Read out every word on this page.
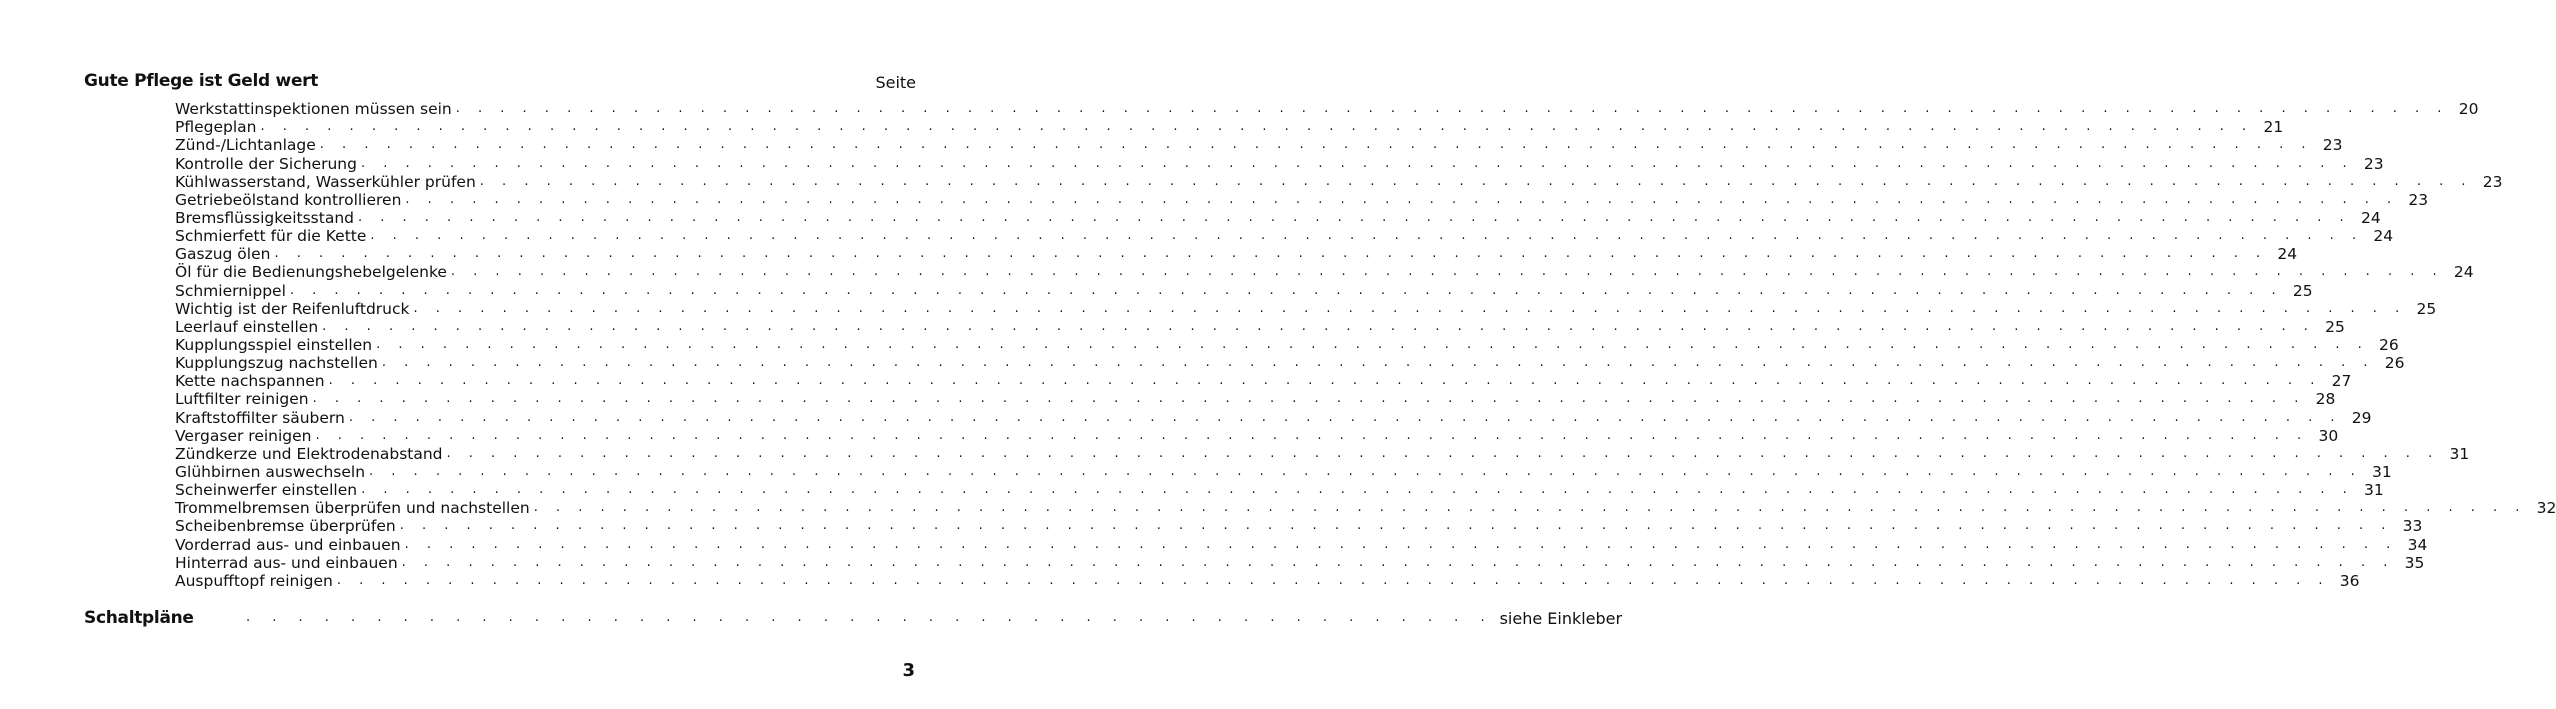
Gute Pflege ist Geld wert	Seite
Werkstattinspektionen müssen sein . . . . . . . . . . . . . . . . . . . . . . . . . . . . . . . . . . . . . . . . . . . . . . . . . . . . . . . . . . . . . . . . . . . . . . . . . . . . . . . . . . . . . . . . . . 20
Pflegeplan . . . . . . . . . . . . . . . . . . . . . . . . . . . . . . . . . . . . . . . . . . . . . . . . . . . . . . . . . . . . . . . . . . . . . . . . . . . . . . . . . . . . . . . . . . 21
Zünd-/Lichtanlage . . . . . . . . . . . . . . . . . . . . . . . . . . . . . . . . . . . . . . . . . . . . . . . . . . . . . . . . . . . . . . . . . . . . . . . . . . . . . . . . . . . . . . . . . . 23
Kontrolle der Sicherung . . . . . . . . . . . . . . . . . . . . . . . . . . . . . . . . . . . . . . . . . . . . . . . . . . . . . . . . . . . . . . . . . . . . . . . . . . . . . . . . . . . . . . . . . . 23
Kühlwasserstand, Wasserkühler prüfen . . . . . . . . . . . . . . . . . . . . . . . . . . . . . . . . . . . . . . . . . . . . . . . . . . . . . . . . . . . . . . . . . . . . . . . . . . . . . . . . . . . . . . . . . . 23
Getriebeölstand kontrollieren . . . . . . . . . . . . . . . . . . . . . . . . . . . . . . . . . . . . . . . . . . . . . . . . . . . . . . . . . . . . . . . . . . . . . . . . . . . . . . . . . . . . . . . . . . 23
Bremsflüssigkeitsstand . . . . . . . . . . . . . . . . . . . . . . . . . . . . . . . . . . . . . . . . . . . . . . . . . . . . . . . . . . . . . . . . . . . . . . . . . . . . . . . . . . . . . . . . . . 24
Schmierfett für die Kette . . . . . . . . . . . . . . . . . . . . . . . . . . . . . . . . . . . . . . . . . . . . . . . . . . . . . . . . . . . . . . . . . . . . . . . . . . . . . . . . . . . . . . . . . . 24
Gaszug ölen . . . . . . . . . . . . . . . . . . . . . . . . . . . . . . . . . . . . . . . . . . . . . . . . . . . . . . . . . . . . . . . . . . . . . . . . . . . . . . . . . . . . . . . . . . 24
Öl für die Bedienungshebelgelenke . . . . . . . . . . . . . . . . . . . . . . . . . . . . . . . . . . . . . . . . . . . . . . . . . . . . . . . . . . . . . . . . . . . . . . . . . . . . . . . . . . . . . . . . . . 24
Schmiernippel . . . . . . . . . . . . . . . . . . . . . . . . . . . . . . . . . . . . . . . . . . . . . . . . . . . . . . . . . . . . . . . . . . . . . . . . . . . . . . . . . . . . . . . . . . 25
Wichtig ist der Reifenluftdruck . . . . . . . . . . . . . . . . . . . . . . . . . . . . . . . . . . . . . . . . . . . . . . . . . . . . . . . . . . . . . . . . . . . . . . . . . . . . . . . . . . . . . . . . . . 25
Leerlauf einstellen . . . . . . . . . . . . . . . . . . . . . . . . . . . . . . . . . . . . . . . . . . . . . . . . . . . . . . . . . . . . . . . . . . . . . . . . . . . . . . . . . . . . . . . . . . 25
Kupplungsspiel einstellen . . . . . . . . . . . . . . . . . . . . . . . . . . . . . . . . . . . . . . . . . . . . . . . . . . . . . . . . . . . . . . . . . . . . . . . . . . . . . . . . . . . . . . . . . . 26
Kupplungszug nachstellen . . . . . . . . . . . . . . . . . . . . . . . . . . . . . . . . . . . . . . . . . . . . . . . . . . . . . . . . . . . . . . . . . . . . . . . . . . . . . . . . . . . . . . . . . . 26
Kette nachspannen . . . . . . . . . . . . . . . . . . . . . . . . . . . . . . . . . . . . . . . . . . . . . . . . . . . . . . . . . . . . . . . . . . . . . . . . . . . . . . . . . . . . . . . . . . 27
Luftfilter reinigen . . . . . . . . . . . . . . . . . . . . . . . . . . . . . . . . . . . . . . . . . . . . . . . . . . . . . . . . . . . . . . . . . . . . . . . . . . . . . . . . . . . . . . . . . . 28
Kraftstoffilter säubern . . . . . . . . . . . . . . . . . . . . . . . . . . . . . . . . . . . . . . . . . . . . . . . . . . . . . . . . . . . . . . . . . . . . . . . . . . . . . . . . . . . . . . . . . . 29
Vergaser reinigen . . . . . . . . . . . . . . . . . . . . . . . . . . . . . . . . . . . . . . . . . . . . . . . . . . . . . . . . . . . . . . . . . . . . . . . . . . . . . . . . . . . . . . . . . . 30
Zündkerze und Elektrodenabstand . . . . . . . . . . . . . . . . . . . . . . . . . . . . . . . . . . . . . . . . . . . . . . . . . . . . . . . . . . . . . . . . . . . . . . . . . . . . . . . . . . . . . . . . . . 31
Glühbirnen auswechseln . . . . . . . . . . . . . . . . . . . . . . . . . . . . . . . . . . . . . . . . . . . . . . . . . . . . . . . . . . . . . . . . . . . . . . . . . . . . . . . . . . . . . . . . . . 31
Scheinwerfer einstellen . . . . . . . . . . . . . . . . . . . . . . . . . . . . . . . . . . . . . . . . . . . . . . . . . . . . . . . . . . . . . . . . . . . . . . . . . . . . . . . . . . . . . . . . . . 31
Trommelbremsen überprüfen und nachstellen . . . . . . . . . . . . . . . . . . . . . . . . . . . . . . . . . . . . . . . . . . . . . . . . . . . . . . . . . . . . . . . . . . . . . . . . . . . . . . . . . . . . . . . . . . 32
Scheibenbremse überprüfen . . . . . . . . . . . . . . . . . . . . . . . . . . . . . . . . . . . . . . . . . . . . . . . . . . . . . . . . . . . . . . . . . . . . . . . . . . . . . . . . . . . . . . . . . . 33
Vorderrad aus- und einbauen . . . . . . . . . . . . . . . . . . . . . . . . . . . . . . . . . . . . . . . . . . . . . . . . . . . . . . . . . . . . . . . . . . . . . . . . . . . . . . . . . . . . . . . . . . 34
Hinterrad aus- und einbauen . . . . . . . . . . . . . . . . . . . . . . . . . . . . . . . . . . . . . . . . . . . . . . . . . . . . . . . . . . . . . . . . . . . . . . . . . . . . . . . . . . . . . . . . . . 35
Auspufftopf reinigen . . . . . . . . . . . . . . . . . . . . . . . . . . . . . . . . . . . . . . . . . . . . . . . . . . . . . . . . . . . . . . . . . . . . . . . . . . . . . . . . . . . . . . . . . . 36
Schaltpläne	. . . . . . . . . . . . . . . . . . . . . . . . . . . . . . . . . . . . . . . . . . . . . . . . siehe Einkleber
3
